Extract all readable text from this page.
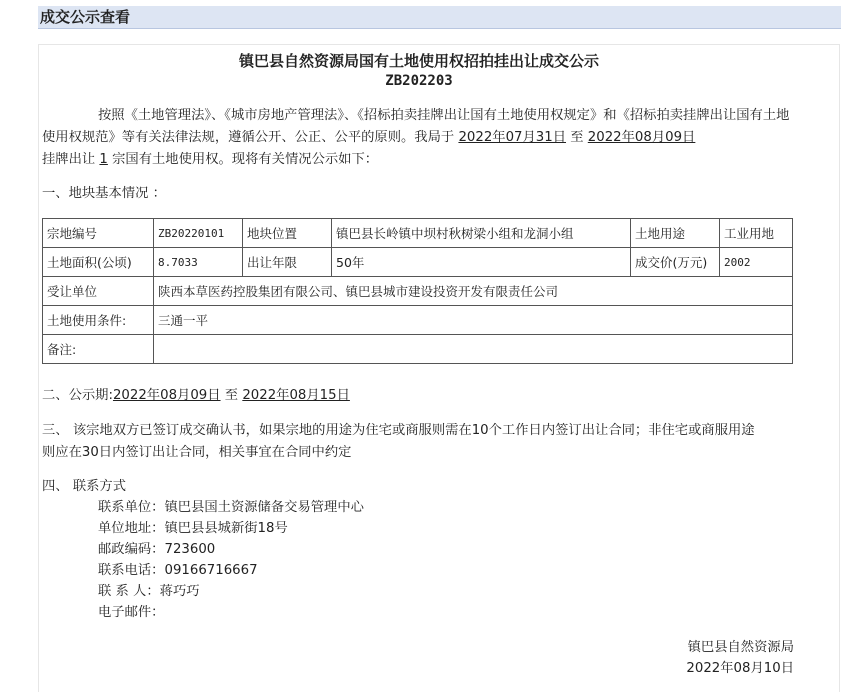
成交公示查看
镇巴县自然资源局国有土地使用权招拍挂出让成交公示
ZB202203
按照《土地管理法》、《城市房地产管理法》、《招标拍卖挂牌出让国有土地使用权规定》和《招标拍卖挂牌出让国有土地使用权规范》等有关法律法规，遵循公开、公正、公平的原则。我局于 2022年07月31日 至 2022年08月09日
挂牌出让 1 宗国有土地使用权。现将有关情况公示如下：
一、地块基本情况 ：
宗地编号	ZB20220101	地块位置	镇巴县长岭镇中坝村秋树梁小组和龙洞小组	土地用途	工业用地
土地面积(公顷)	8.7033	出让年限	50年	成交价(万元)	2002
受让单位	陕西本草医药控股集团有限公司、镇巴县城市建设投资开发有限责任公司				
土地使用条件:	三通一平				
备注:					
二、公示期:2022年08月09日 至 2022年08月15日
三、 该宗地双方已签订成交确认书，如果宗地的用途为住宅或商服则需在10个工作日内签订出让合同；非住宅或商服用途
则应在30日内签订出让合同，相关事宜在合同中约定
四、 联系方式
联系单位：镇巴县国土资源储备交易管理中心
单位地址：镇巴县县城新街18号
邮政编码：723600
联系电话：09166716667
联 系 人：蒋巧巧
电子邮件：
镇巴县自然资源局
2022年08月10日
